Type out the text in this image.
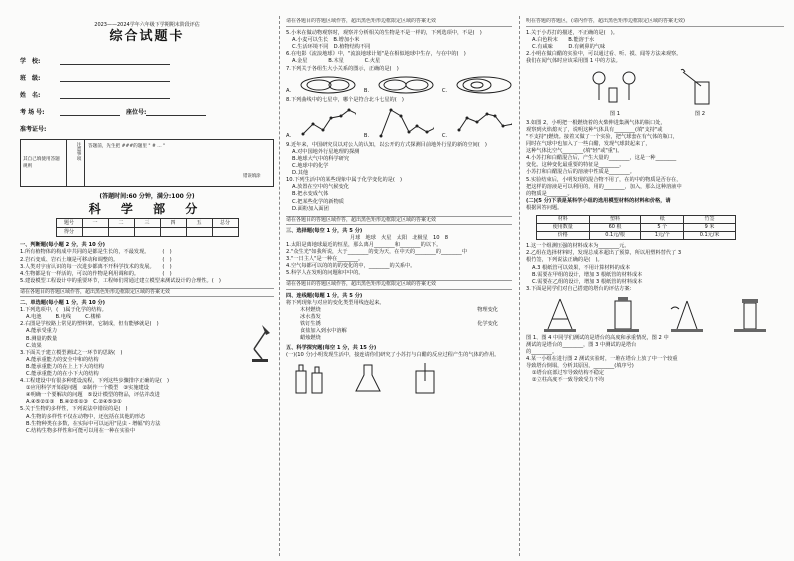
2023——2024学年六年级下学期期末阶段评估
综合试题卡
学　校:
班　级:
姓　名:
考 场 号:	座位号:
准考证号:
其自己填使用答题规则
注意事项	答题前，先生把 ###的题里 " # ... "
错误填涂
(答题时间:60 分钟，满分:100 分)
科 学 部 分
题号	一	二	三	四	五	总分
得分						
一、判断题(每小题 2 分，共 10 分)
1.所有植物体的构成中共同的是都是生长的，不最发现。　　　(　)
2.岩石变成、岩石土壤是可移动和调整的。　　　　　　　　　(　)
3.人类对宇宙认识的每一次进步都离不开科学技术的发展。　　(　)
4.生物都是有一样活的，可以的作物是利用调和的。　　　　　(　)
5.建设模型工程设计中的重要环节，工程师们常通过建立模型来测试设计的合理性。(　)
请在各题目的答题区域作答，超出黑色矩形边框限定区域的答案无效
二、单选题(每小题 1 分，共 10 分)
1.下列选项中，(　)属于化学的结构。
A.电池	B.电线	C.楼梯
2.右图是学校路上常见的塑料架，它制成，但有能够就是(　)
A.能承受重力
B.测量的数量
C.效果
3.下面关于建立模型测试之一环节的思路(　)
A.能承重能力的安全中和的结构
B.能承重能力的在上上下大的结构
C.能承重能力的在小下大的结构
4.工程建设中有很多种建设流程，下列这些步骤排序正确的是(　)
①应用科学开始提问题　②制作一个模型　③实施建设
④明确一个要解决的问题　⑤设计模型的物品，评估并改进
A.④⑤②①③　B.④②⑤①③　C.②④⑤③①
5.关于生物的多样性，下列说法中错误的是(　)
A.生物的多样性不仅在动物中，还包括在其他的形态
B.生物种类在多数，在实际中可以运用"昆虫 - 增幅"的方法
C.结构生物多样性和可能可以用在一种在实验中
请在各题目的答题区域作答，超出黑色矩形边框限定区域的答案无效
5.小米在做动物观察时，观察并分析相关的生物是不是一样的，下列选项中，不是(　)
A.小麦可以生长　B.增加小米
C.生活环境不同　D.植物结构不同
6.在电影《流浪地球》中，"流浪地球计划"是在相似地球中生存，与在中的(　)
A.金星　　　　B.木星　　　　C.火星
7.下列关于各组生大小关系的图示，正确的是(　)
A.	B.	C.
8.下列曲线中的七星中，哪个是符合北斗七星的(　)
A.	B.	C.
9.近年来，中国研究员以对公人的认知，以公开的方式探测目前地外行星的新的空间(　)
A.对中国地外行星地理的探测
B.地球大气中的科学研究
C.地球中的化学
D.其他
10.下列生活中的某些现象中属于化学变化的是(　)
A.放置在空中的气候变化
B.把水变成气体
C.把某些化学的新物质
D.面粉加入面团
请在各题目的答题区域作答，超出黑色矩形边框限定区域的答案无效
三、选择题(每空 1 分，共 5 分)
月球　地球　火星　太阳　北极星　10　8
1.太阳是离地球最近的恒星，那么离月________和________的以下。
2."众生光"如我所说，大于________的变为天，在中天的________的________中
3."一日主人"是一种在________。
4.空气每都可以的的的的变化的中，________的关系中。
5.科学人在发明的问题和中中的。
请在各题目的答题区域作答，超出黑色矩形边框限定区域的答案无效
四、连线题(每题 1 分，共 5 分)
将下列现象与对应的变化类型用线连起来。
木材燃烧
冰水蒸发
铁钉生锈
食盐加入到水中溶解
蜡烛燃烧
物理变化

化学变化
五、科学探究题(每空 1 分，共 15 分)
(一)(10 分)小明发现生活中，接连请你们研究了小苏打与白醋的反应过程产生的气体的作用。
明在答题的答题区，(请内作答，超出黑色矩形边框限定区域的答案无效)
1.关于小苏打的描述，不正确的是(　)。
A.白色粉末　　B.能溶于水
C.有咸味　　　D.有刺鼻的气味
2.小明在做白醋的实验中，可以通过看、听、摸、闻等方法来观察。
我们在闻气体时应该采用图 1 中的方法。
图 1	图 2
3.如图 2，小明把一根燃烧着的火柴伸进集满气体的瓶口处，
观察到火焰熄灭了，说明这种气体具有________(填"支持"或
"不支持")燃烧。接着又做了一个实验，把气球套在有气体的瓶口，
同时在气球中也加入了一些白醋，发现气球鼓起来了，
这种气体比空气________(填"轻"或"重")。
4.小苏打和白醋混合后，产生大量的________，这是一种________
变化。这种变化最重要的特征是________。
小苏打和白醋混合后的溶液中性质是________。
5.实验结束后，小明发现的混合物不用了，在的中的物质是否存在，
把这样的溶液是可以利用的，用的________，加入，那么这种溶液中
的物质是________。
(二)(5 分)下表是某科学小组的选用模型材料的材料和价格，请
根据回答问题。
材料	塑料	纸	竹签
使用数量	60 根	5 个	9 米
价格	0.1元/根	1元/个	0.1元/米
1.这一个组测压强的材料成本为________元。
2.乙组在选择材料时，发现总成本超出了预算，所以用塑料替代了 3
根竹签，下列说法正确的是(　)。
A.3 根纸管可以效果，不用计算材料的成本
B.需要在甲组的设计，增加 3 根纸管的材料成本
C.需要在乙组的设计，增加 3 根纸管的材料成本
3.下面是同学们对自己搭建的塔台的评估方案：
图 1、图 4 中同学们测试的是塔台的高度和承重情况，图 2 中
测试的是塔台的________，图 3 中测试的是塔台
的________。
4.某一小组在进行图 2 测试实验时，一堆在塔台上放了中一个较重
导致塔台倒塌，分析其原因，________(填序号)
①塔台底部过窄导致结构不稳定
②立柱高度不一致导致受力不均
